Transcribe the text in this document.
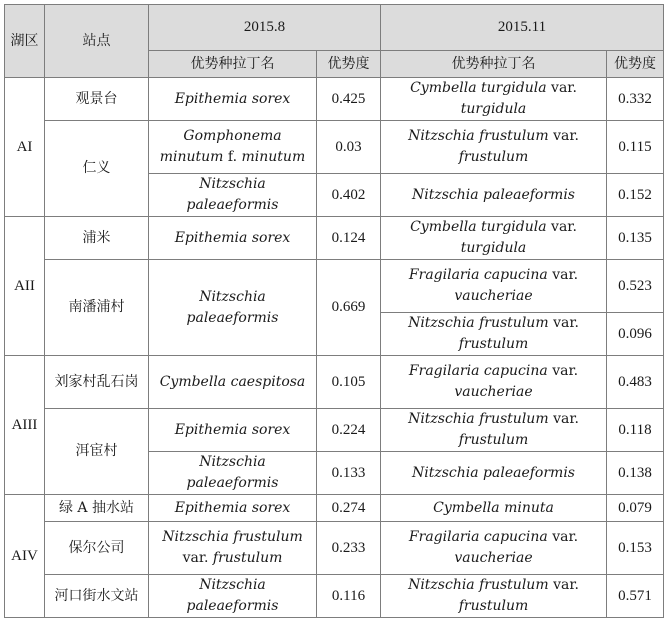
湖区	站点	2015.8		2015.11	
		优势种拉丁名	优势度	优势种拉丁名	优势度
AI	观景台	Epithemia sorex	0.425	Cymbella turgidula var. turgidula	0.332
	仁义	Gomphonema minutum f. minutum	0.03	Nitzschia frustulum var. frustulum	0.115
		Nitzschia paleaeformis	0.402	Nitzschia paleaeformis	0.152
AII	浦米	Epithemia sorex	0.124	Cymbella turgidula var. turgidula	0.135
	南潘浦村	Nitzschia paleaeformis	0.669	Fragilaria capucina var. vaucheriae	0.523
				Nitzschia frustulum var. frustulum	0.096
AIII	刘家村乱石岗	Cymbella caespitosa	0.105	Fragilaria capucina var. vaucheriae	0.483
	洱宦村	Epithemia sorex	0.224	Nitzschia frustulum var. frustulum	0.118
		Nitzschia paleaeformis	0.133	Nitzschia paleaeformis	0.138
AIV	绿 A 抽水站	Epithemia sorex	0.274	Cymbella minuta	0.079
	保尔公司	Nitzschia frustulum var. frustulum	0.233	Fragilaria capucina var. vaucheriae	0.153
	河口街水文站	Nitzschia paleaeformis	0.116	Nitzschia frustulum var. frustulum	0.571
